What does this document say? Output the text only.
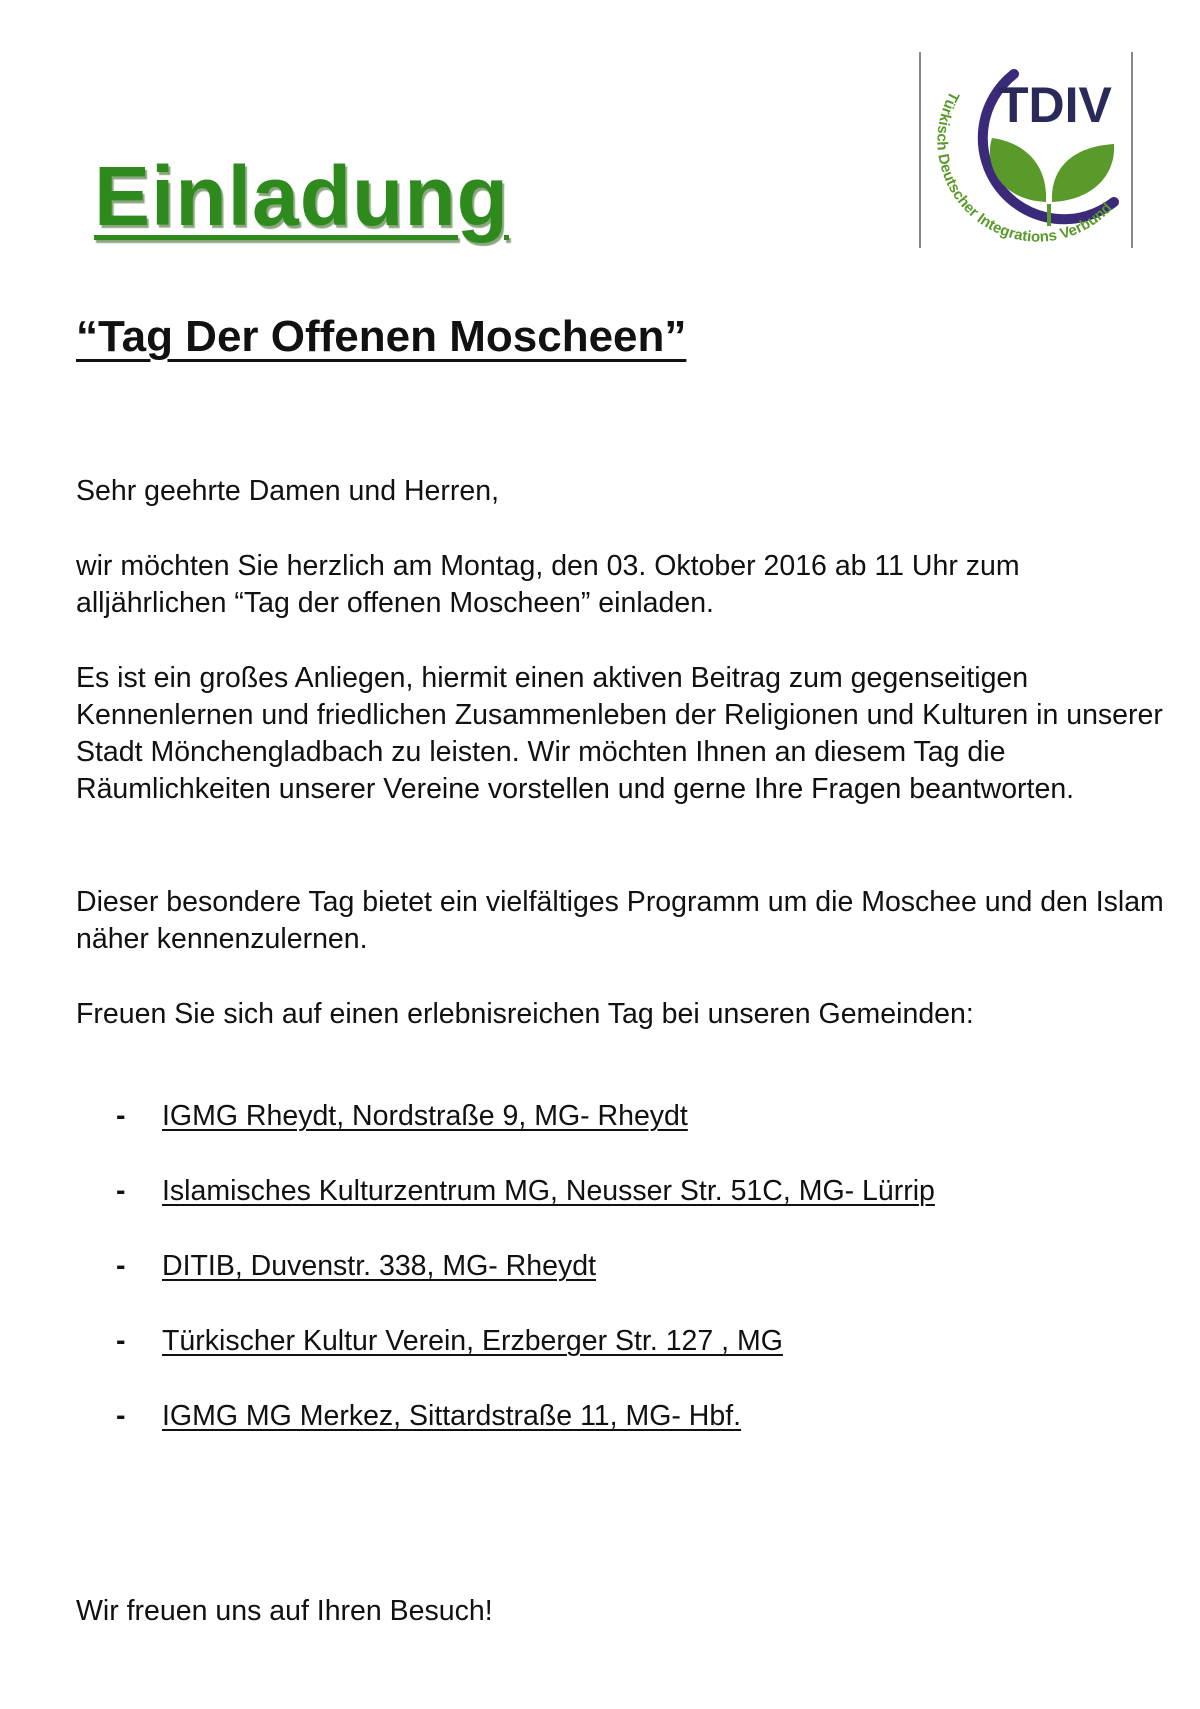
Türkisch Deutscher Integrations Verbund
TDIV
Einladung
“Tag Der Offenen Moscheen”

Sehr geehrte Damen und Herren,

wir möchten Sie herzlich am Montag, den 03. Oktober 2016 ab 11 Uhr zum alljährlichen “Tag der offenen Moscheen” einladen.

Es ist ein großes Anliegen, hiermit einen aktiven Beitrag zum gegenseitigen Kennenlernen und friedlichen Zusammenleben der Religionen und Kulturen in unserer Stadt Mönchengladbach zu leisten. Wir möchten Ihnen an diesem Tag die Räumlichkeiten unserer Vereine vorstellen und gerne Ihre Fragen beantworten.

Dieser besondere Tag bietet ein vielfältiges Programm um die Moschee und den Islam näher kennenzulernen.

Freuen Sie sich auf einen erlebnisreichen Tag bei unseren Gemeinden:

- IGMG Rheydt, Nordstraße 9, MG- Rheydt
- Islamisches Kulturzentrum MG, Neusser Str. 51C, MG- Lürrip
- DITIB, Duvenstr. 338, MG- Rheydt
- Türkischer Kultur Verein, Erzberger Str. 127 , MG
- IGMG MG Merkez, Sittardstraße 11, MG- Hbf.
Wir freuen uns auf Ihren Besuch!
